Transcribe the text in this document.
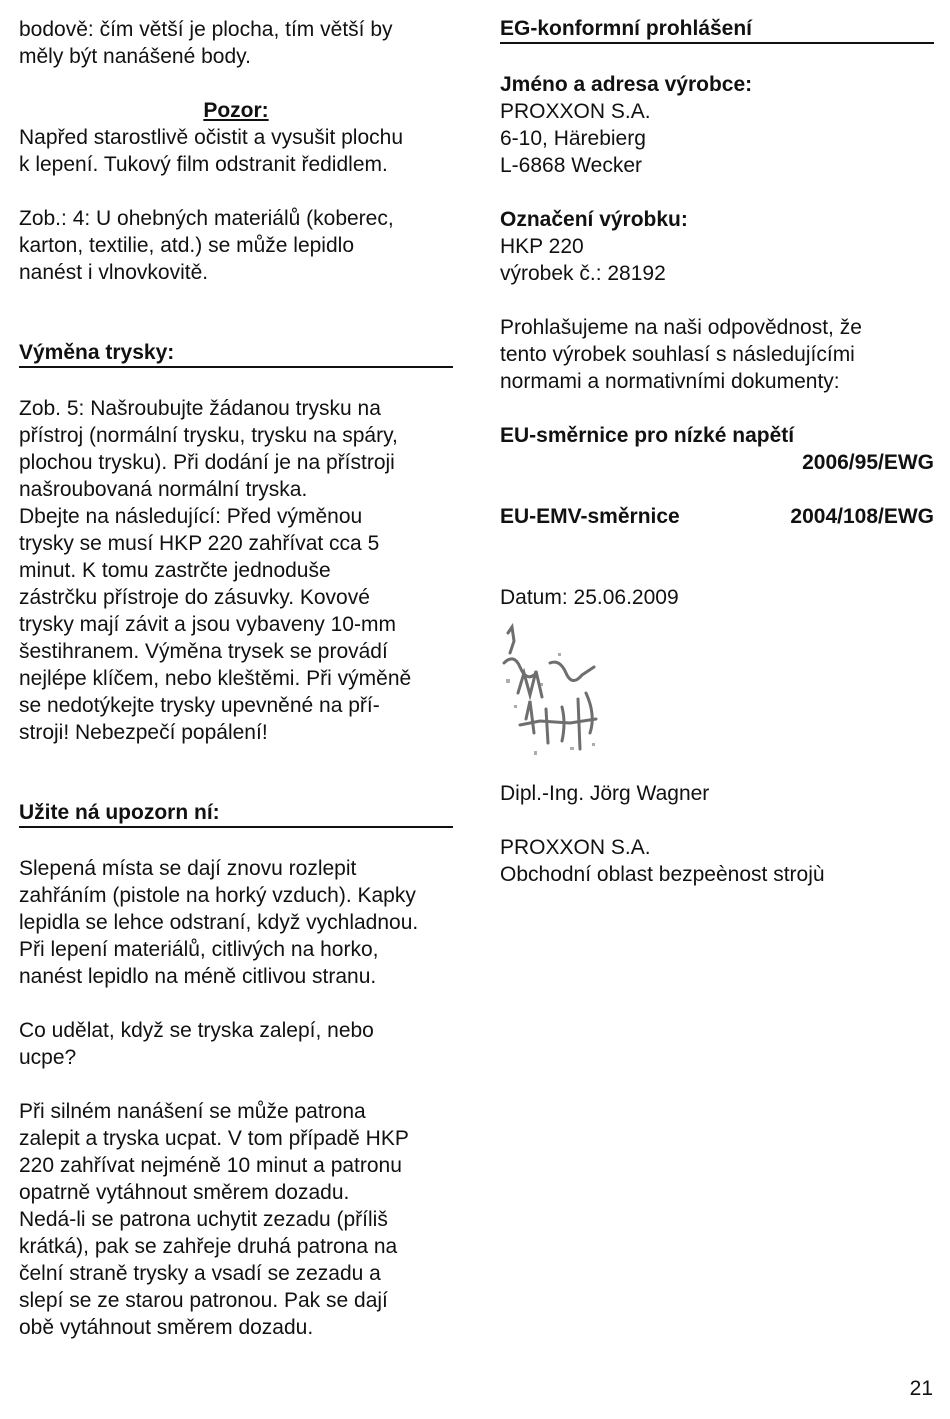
bodově: čím větší je plocha, tím větší by
měly být nanášené body.

Pozor:

Napřed starostlivě očistit a vysušit plochu
k lepení. Tukový film odstranit ředidlem.

Zob.: 4: U ohebných materiálů (koberec,
karton, textilie, atd.) se může lepidlo
nanést i vlnovkovitě.

Výměna trysky:

Zob. 5: Našroubujte žádanou trysku na
přístroj (normální trysku, trysku na spáry,
plochou trysku). Při dodání je na přístroji
našroubovaná normální tryska.
Dbejte na následující: Před výměnou
trysky se musí HKP 220 zahřívat cca 5
minut. K tomu zastrčte jednoduše
zástrčku přístroje do zásuvky. Kovové
trysky mají závit a jsou vybaveny 10-mm
šestihranem. Výměna trysek se provádí
nejlépe klíčem, nebo kleštěmi. Při výměně
se nedotýkejte trysky upevněné na pří-
stroji! Nebezpečí popálení!

Užite ná upozorn ní:

Slepená místa se dají znovu rozlepit
zahřáním (pistole na horký vzduch). Kapky
lepidla se lehce odstraní, když vychladnou.
Při lepení materiálů, citlivých na horko,
nanést lepidlo na méně citlivou stranu.

Co udělat, když se tryska zalepí, nebo
ucpe?

Při silném nanášení se může patrona
zalepit a tryska ucpat. V tom případě HKP
220 zahřívat nejméně 10 minut a patronu
opatrně vytáhnout směrem dozadu.
Nedá-li se patrona uchytit zezadu (příliš
krátká), pak se zahřeje druhá patrona na
čelní straně trysky a vsadí se zezadu a
slepí se ze starou patronou. Pak se dají
obě vytáhnout směrem dozadu.

EG-konformní prohlášení

Jméno a adresa výrobce:

PROXXON S.A.
6-10, Härebierg
L-6868 Wecker

Označení výrobku:

HKP 220
výrobek č.: 28192

Prohlašujeme na naši odpovědnost, že
tento výrobek souhlasí s následujícími
normami a normativními dokumenty:

EU-směrnice pro nízké napětí

2006/95/EWG

EU-EMV-směrnice	2004/108/EWG

Datum: 25.06.2009

Dipl.-Ing. Jörg Wagner

PROXXON S.A.
Obchodní oblast bezpeènost strojù

21
